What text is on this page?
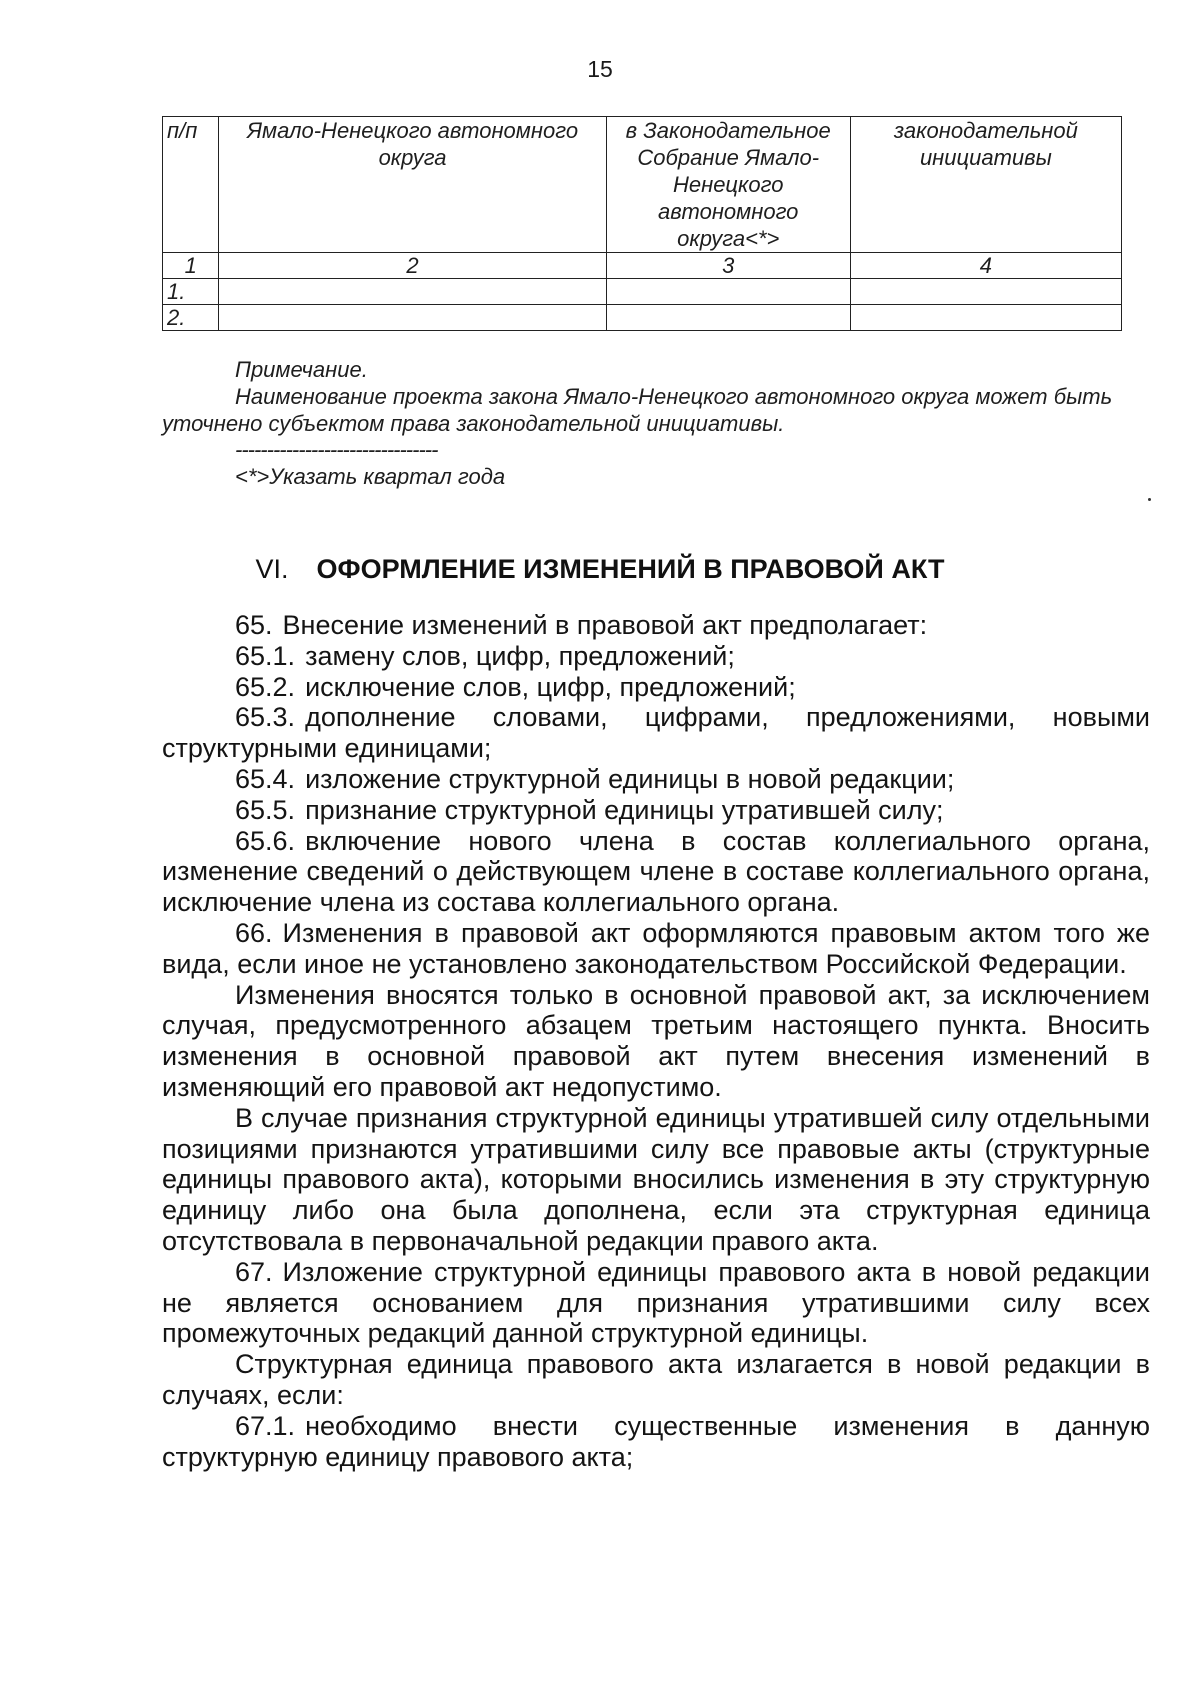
15
п/п	Ямало-Ненецкого автономного округа	в Законодательное Собрание Ямало-Ненецкого автономного округа<*>	законодательной инициативы
1	2	3	4
1.			
2.			

Примечание.

Наименование проекта закона Ямало-Ненецкого автономного округа может быть уточнено субъектом права законодательной инициативы.

--------------------------------

<*>Указать квартал года

VI. ОФОРМЛЕНИЕ ИЗМЕНЕНИЙ В ПРАВОВОЙ АКТ

65. Внесение изменений в правовой акт предполагает:

65.1. замену слов, цифр, предложений;

65.2. исключение слов, цифр, предложений;

65.3. дополнение словами, цифрами, предложениями, новыми структурными единицами;

65.4. изложение структурной единицы в новой редакции;

65.5. признание структурной единицы утратившей силу;

65.6. включение нового члена в состав коллегиального органа, изменение сведений о действующем члене в составе коллегиального органа, исключение члена из состава коллегиального органа.

66. Изменения в правовой акт оформляются правовым актом того же вида, если иное не установлено законодательством Российской Федерации.

Изменения вносятся только в основной правовой акт, за исключением случая, предусмотренного абзацем третьим настоящего пункта. Вносить изменения в основной правовой акт путем внесения изменений в изменяющий его правовой акт недопустимо.

В случае признания структурной единицы утратившей силу отдельными позициями признаются утратившими силу все правовые акты (структурные единицы правового акта), которыми вносились изменения в эту структурную единицу либо она была дополнена, если эта структурная единица отсутствовала в первоначальной редакции правого акта.

67. Изложение структурной единицы правового акта в новой редакции не является основанием для признания утратившими силу всех промежуточных редакций данной структурной единицы.

Структурная единица правового акта излагается в новой редакции в случаях, если:

67.1. необходимо внести существенные изменения в данную структурную единицу правового акта;
